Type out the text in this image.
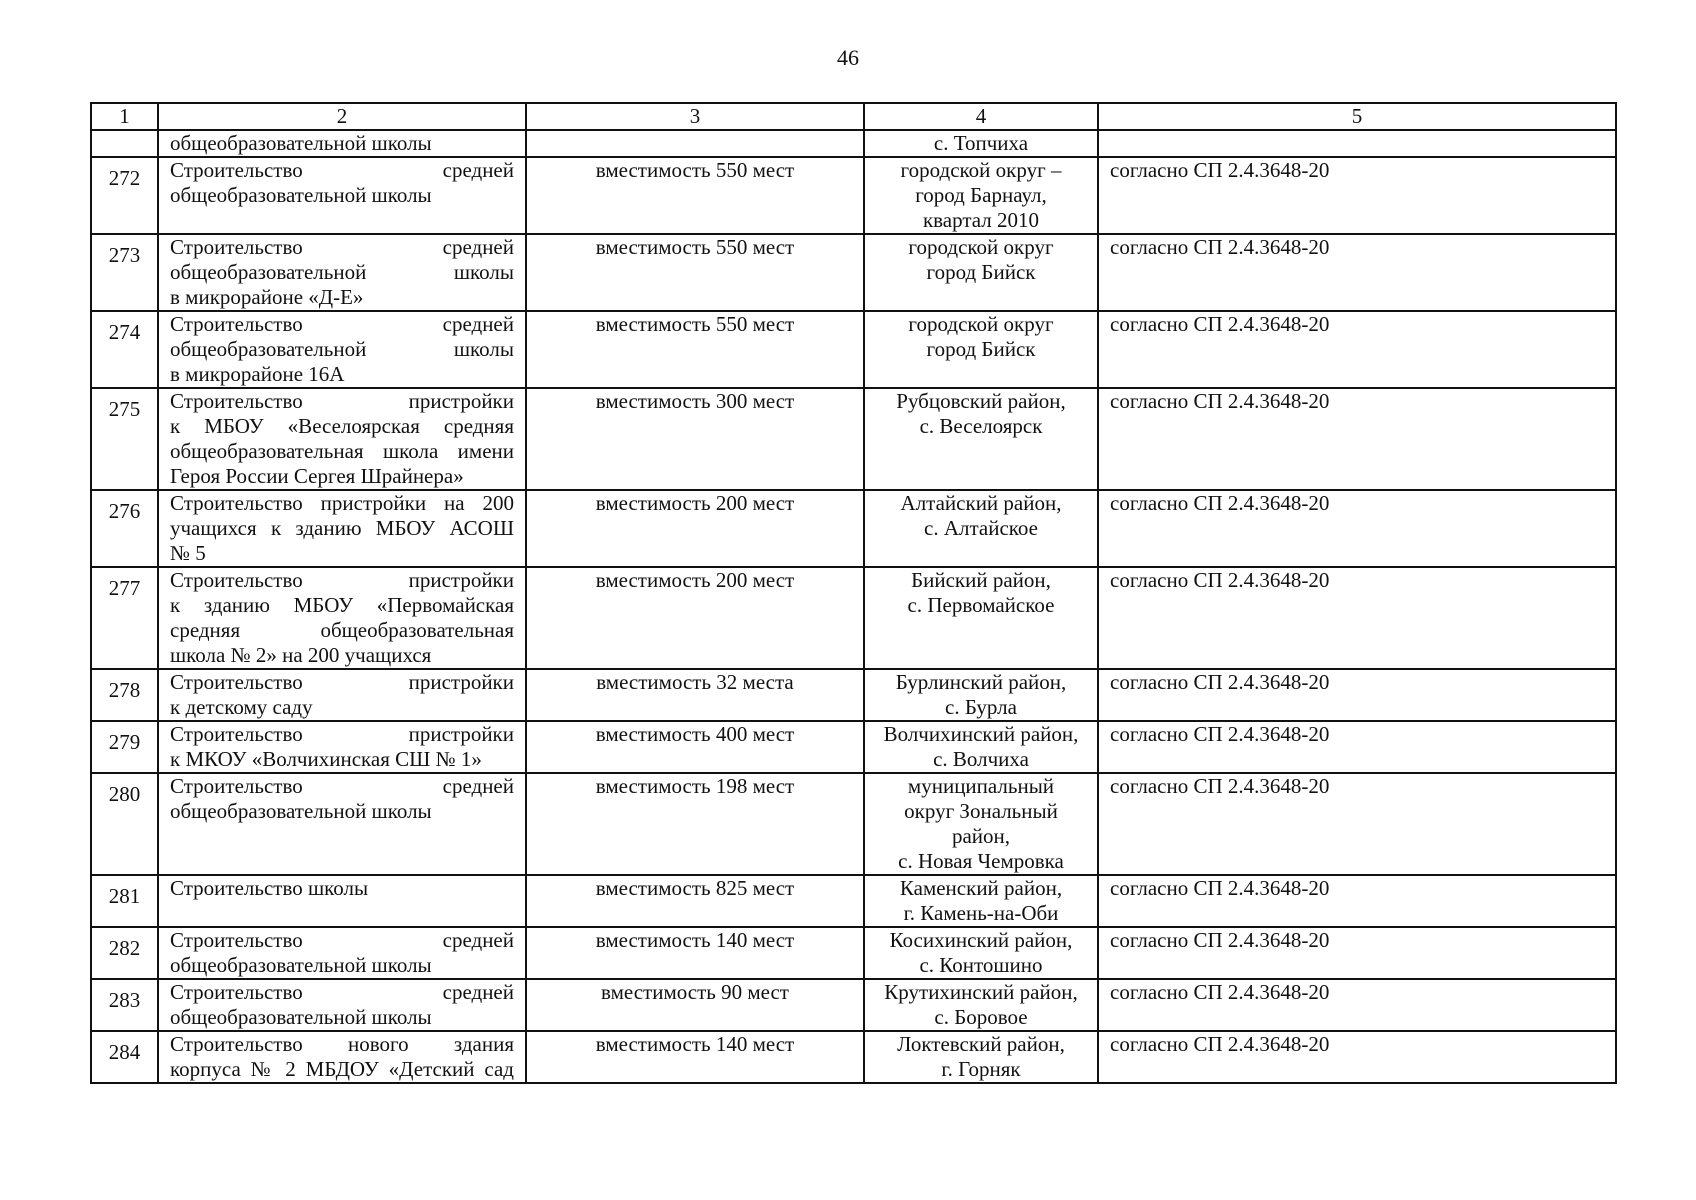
46
1	2	3	4	5

	общеобразовательной школы		с. Топчиха	

272	Строительство средней
общеобразовательной школы	вместимость 550 мест	городской округ –
город Барнаул,
квартал 2010	согласно СП 2.4.3648-20
273	Строительство средней
общеобразовательной школы
в микрорайоне «Д-Е»	вместимость 550 мест	городской округ
город Бийск	согласно СП 2.4.3648-20
274	Строительство средней
общеобразовательной школы
в микрорайоне 16А	вместимость 550 мест	городской округ
город Бийск	согласно СП 2.4.3648-20
275	Строительство пристройки
к МБОУ «Веселоярская средняя
общеобразовательная школа имени
Героя России Сергея Шрайнера»	вместимость 300 мест	Рубцовский район,
с. Веселоярск	согласно СП 2.4.3648-20
276	Строительство пристройки на 200
учащихся к зданию МБОУ АСОШ
№ 5	вместимость 200 мест	Алтайский район,
с. Алтайское	согласно СП 2.4.3648-20
277	Строительство пристройки
к зданию МБОУ «Первомайская
средняя общеобразовательная
школа № 2» на 200 учащихся	вместимость 200 мест	Бийский район,
с. Первомайское	согласно СП 2.4.3648-20
278	Строительство пристройки
к детскому саду	вместимость 32 места	Бурлинский район,
с. Бурла	согласно СП 2.4.3648-20
279	Строительство пристройки
к МКОУ «Волчихинская СШ № 1»	вместимость 400 мест	Волчихинский район,
с. Волчиха	согласно СП 2.4.3648-20
280	Строительство средней
общеобразовательной школы	вместимость 198 мест	муниципальный
округ Зональный
район,
с. Новая Чемровка	согласно СП 2.4.3648-20
281	Строительство школы	вместимость 825 мест	Каменский район,
г. Камень-на-Оби	согласно СП 2.4.3648-20
282	Строительство средней
общеобразовательной школы	вместимость 140 мест	Косихинский район,
с. Контошино	согласно СП 2.4.3648-20
283	Строительство средней
общеобразовательной школы	вместимость 90 мест	Крутихинский район,
с. Боровое	согласно СП 2.4.3648-20
284	Строительство нового здания
корпуса № 2 МБДОУ «Детский сад	вместимость 140 мест	Локтевский район,
г. Горняк	согласно СП 2.4.3648-20
